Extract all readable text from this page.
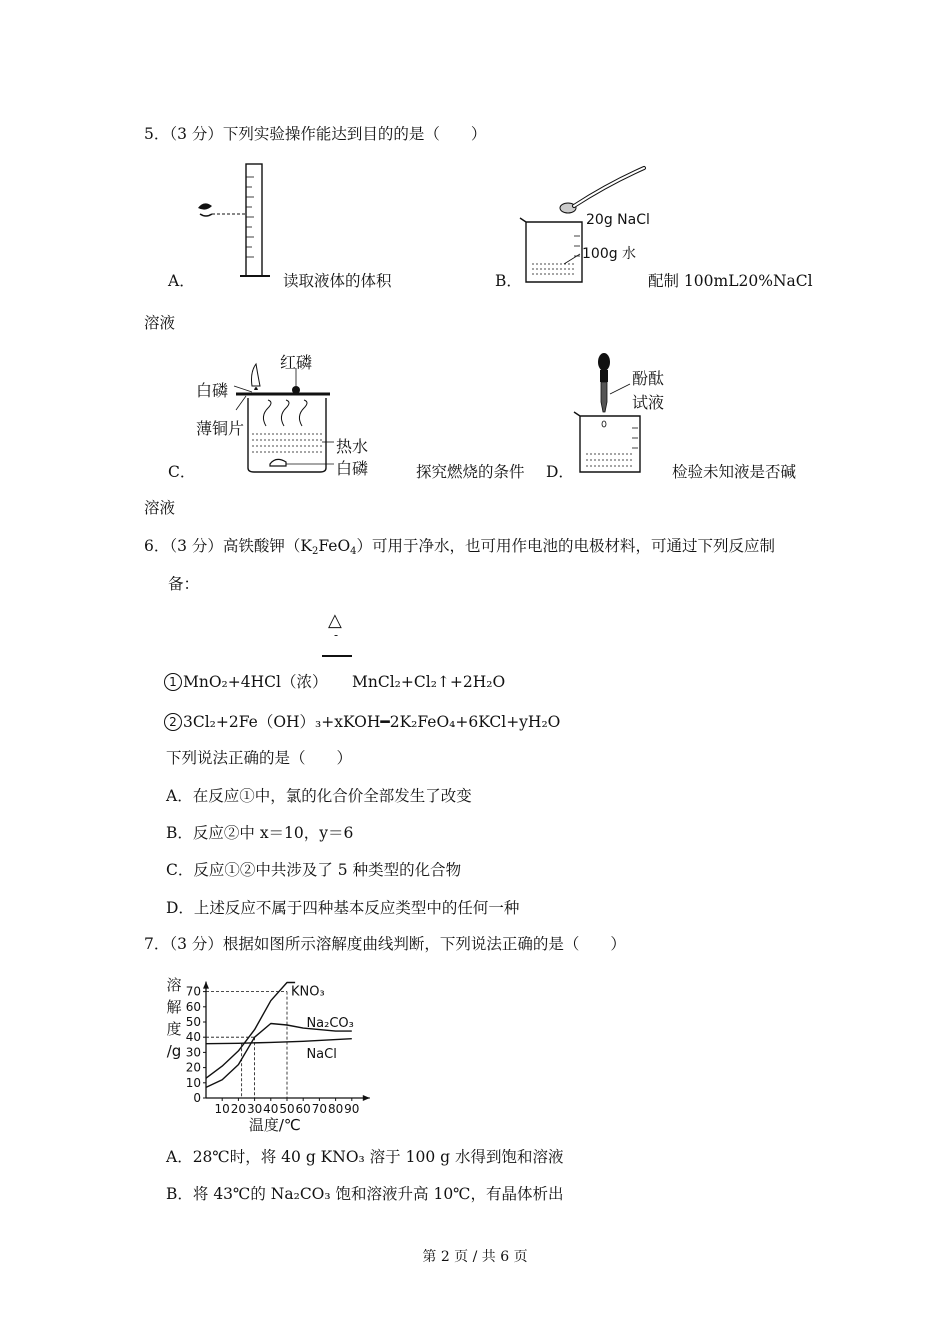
5．（3 分）下列实验操作能达到目的的是（　　）
A．	读取液体的体积
20g NaCl
100g 水
B．	配制 100mL20%NaCl
溶液
红磷
白磷
薄铜片
热水
白磷
C．	探究燃烧的条件
酚酞
试液
D．	检验未知液是否碱
溶液
6．（3 分）高铁酸钾$(K_2FeO_4)$可用于净水，也可用作电池的电极材料，可通过下列反应制
备：
△
-
1 MnO₂+4HCl（浓） MnCl₂+Cl₂↑+2H₂O
2 3Cl₂+2Fe（OH）₃+xKOH━2K₂FeO₄+6KCl+yH₂O
下列说法正确的是（　　）
A．在反应①中，氯的化合价全部发生了改变
B．反应②中 x＝10，y＝6
C．反应①②中共涉及了 5 种类型的化合物
D．上述反应不属于四种基本反应类型中的任何一种
7．（3 分）根据如图所示溶解度曲线判断，下列说法正确的是（　　）
0
10
20
30
40
50
60
70
10 20 30 40 50 60 70 80 90
KNO₃
Na₂CO₃
NaCl
溶
解
度
/g
温度/℃
A．28℃时，将 40 g KNO₃ 溶于 100 g 水得到饱和溶液
B．将 43℃的 Na₂CO₃ 饱和溶液升高 10℃，有晶体析出
第 2 页 / 共 6 页
